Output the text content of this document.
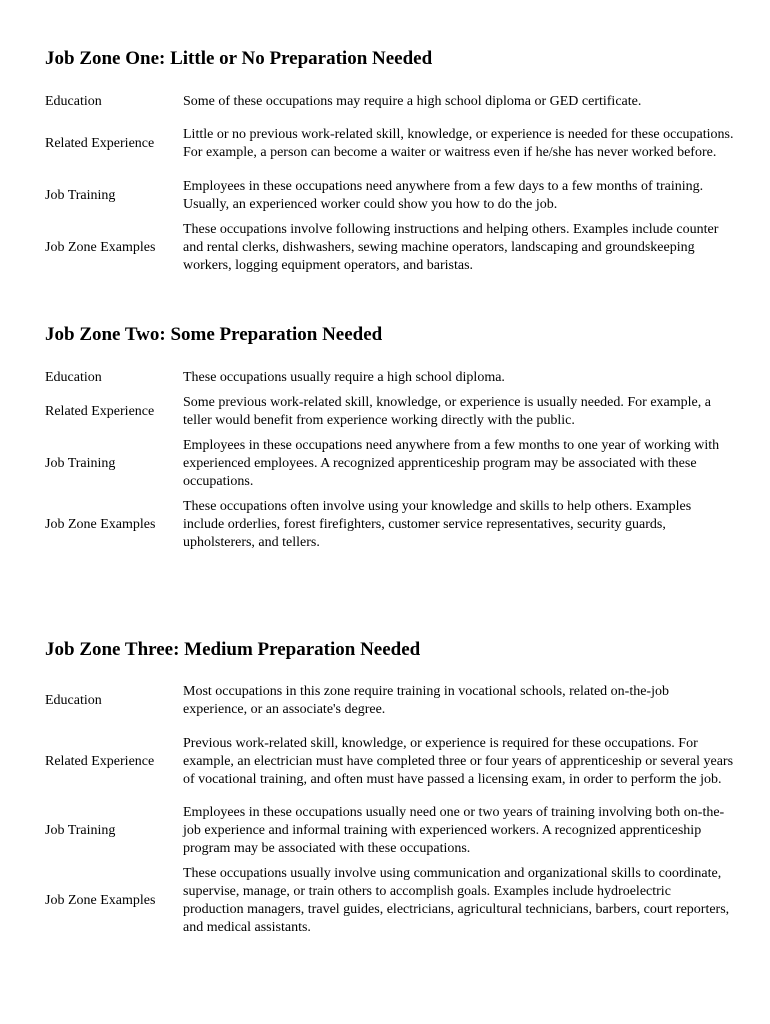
Job Zone One: Little or No Preparation Needed
Education	Some of these occupations may require a high school diploma or GED certificate.
Related Experience
Little or no previous work-related skill, knowledge, or experience is needed for these occupations. For example, a person can become a waiter or waitress even if he/she has never worked before.
Job Training
Employees in these occupations need anywhere from a few days to a few months of training. Usually, an experienced worker could show you how to do the job.
Job Zone Examples
These occupations involve following instructions and helping others. Examples include counter and rental clerks, dishwashers, sewing machine operators, landscaping and groundskeeping workers, logging equipment operators, and baristas.
Job Zone Two: Some Preparation Needed
Education	These occupations usually require a high school diploma.
Related Experience
Some previous work-related skill, knowledge, or experience is usually needed. For example, a teller would benefit from experience working directly with the public.
Job Training
Employees in these occupations need anywhere from a few months to one year of working with experienced employees. A recognized apprenticeship program may be associated with these occupations.
Job Zone Examples
These occupations often involve using your knowledge and skills to help others. Examples include orderlies, forest firefighters, customer service representatives, security guards, upholsterers, and tellers.
Job Zone Three: Medium Preparation Needed
Education
Most occupations in this zone require training in vocational schools, related on-the-job experience, or an associate's degree.
Related Experience
Previous work-related skill, knowledge, or experience is required for these occupations. For example, an electrician must have completed three or four years of apprenticeship or several years of vocational training, and often must have passed a licensing exam, in order to perform the job.
Job Training
Employees in these occupations usually need one or two years of training involving both on-the-job experience and informal training with experienced workers. A recognized apprenticeship program may be associated with these occupations.
Job Zone Examples
These occupations usually involve using communication and organizational skills to coordinate, supervise, manage, or train others to accomplish goals. Examples include hydroelectric production managers, travel guides, electricians, agricultural technicians, barbers, court reporters, and medical assistants.
